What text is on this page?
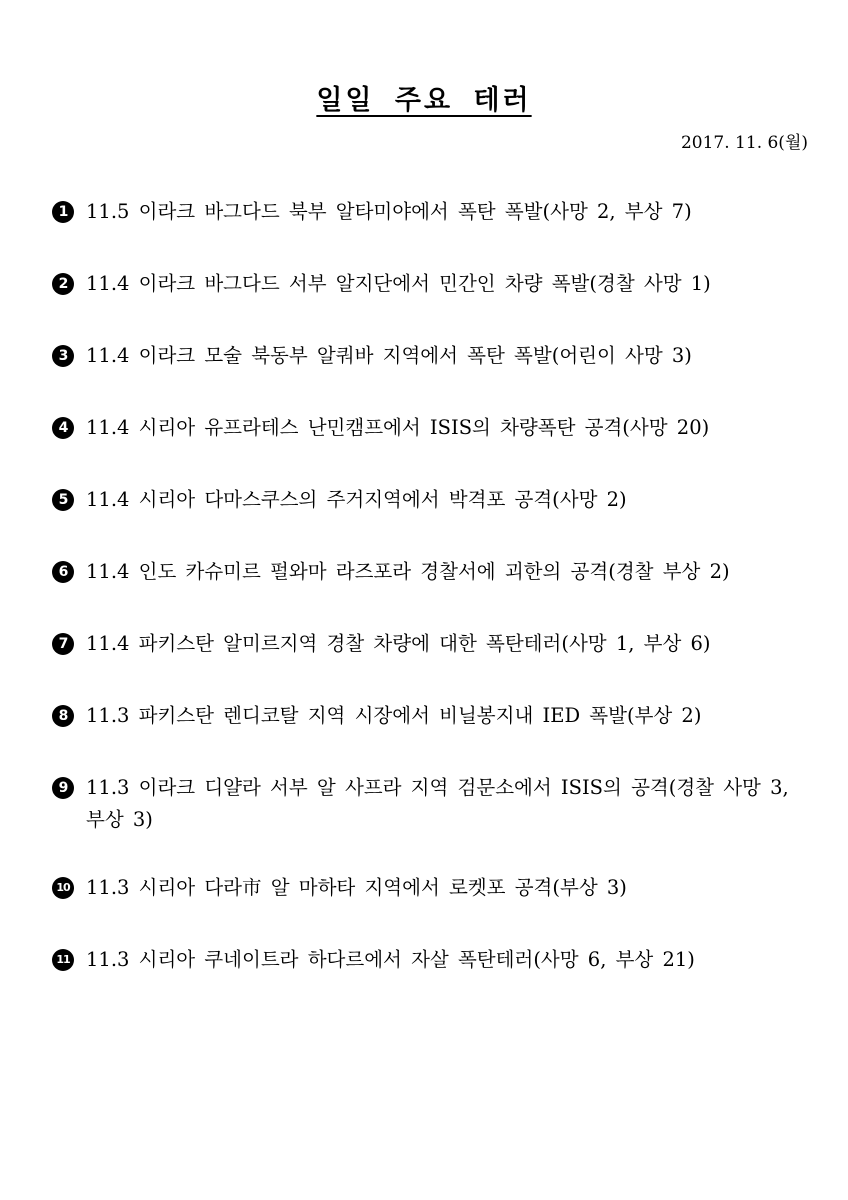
일일 주요 테러
2017. 11. 6(월)
1 11.5 이라크 바그다드 북부 알타미야에서 폭탄 폭발(사망 2, 부상 7)
2 11.4 이라크 바그다드 서부 알지단에서 민간인 차량 폭발(경찰 사망 1)
3 11.4 이라크 모술 북동부 알쿼바 지역에서 폭탄 폭발(어린이 사망 3)
4 11.4 시리아 유프라테스 난민캠프에서 ISIS의 차량폭탄 공격(사망 20)
5 11.4 시리아 다마스쿠스의 주거지역에서 박격포 공격(사망 2)
6 11.4 인도 카슈미르 펄와마 라즈포라 경찰서에 괴한의 공격(경찰 부상 2)
7 11.4 파키스탄 알미르지역 경찰 차량에 대한 폭탄테러(사망 1, 부상 6)
8 11.3 파키스탄 렌디코탈 지역 시장에서 비닐봉지내 IED 폭발(부상 2)
9 11.3 이라크 디얄라 서부 알 사프라 지역 검문소에서 ISIS의 공격(경찰 사망 3, 부상 3)
10 11.3 시리아 다라市 알 마하타 지역에서 로켓포 공격(부상 3)
11 11.3 시리아 쿠네이트라 하다르에서 자살 폭탄테러(사망 6, 부상 21)
